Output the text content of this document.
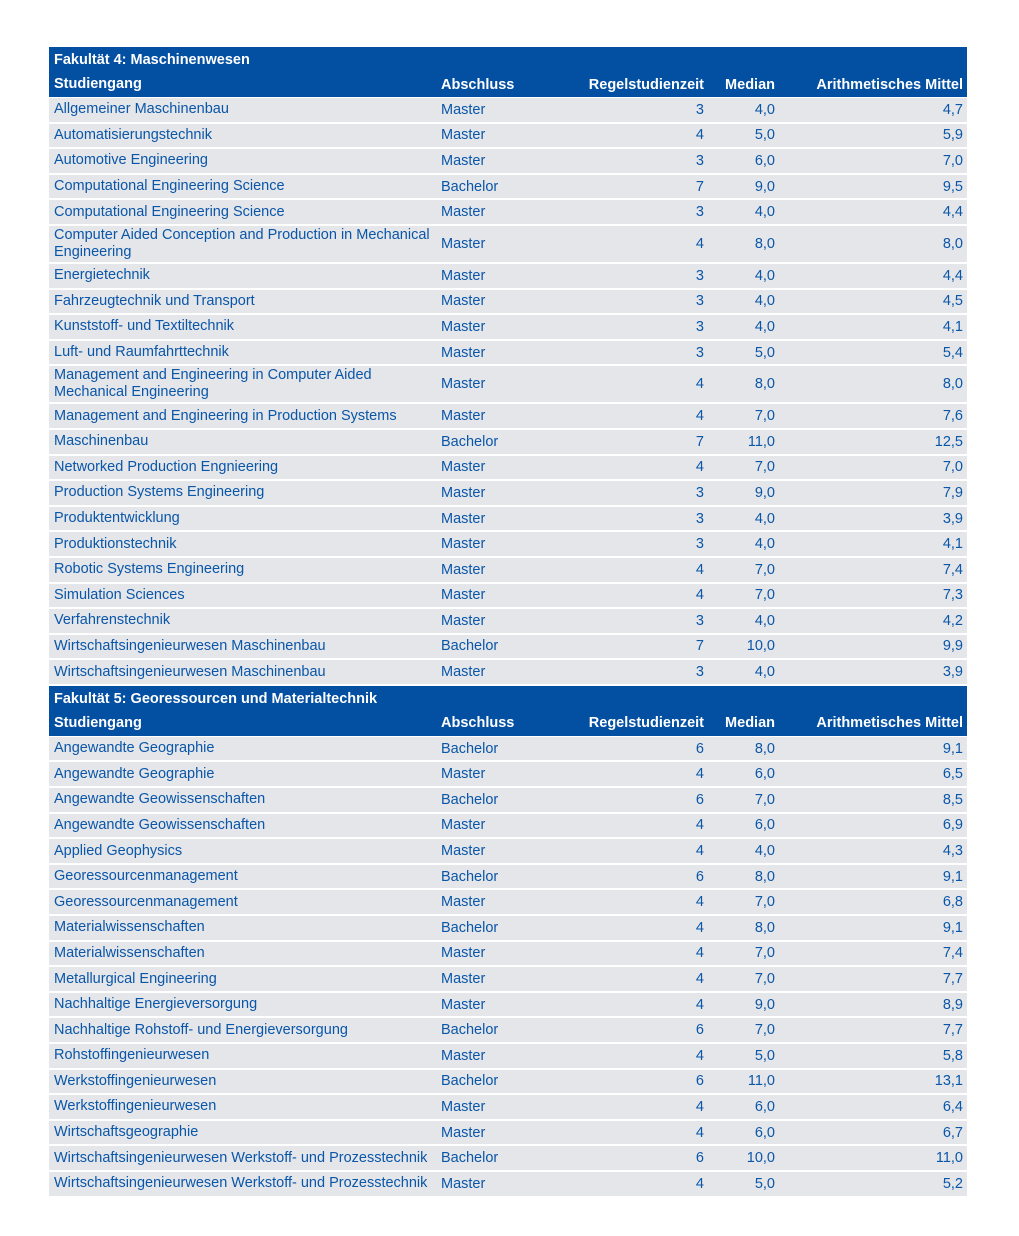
Fakultät 4: Maschinenwesen
Studiengang	Abschluss	Regelstudienzeit	Median	Arithmetisches Mittel
Allgemeiner Maschinenbau	Master	3	4,0	4,7
Automatisierungstechnik	Master	4	5,0	5,9
Automotive Engineering	Master	3	6,0	7,0
Computational Engineering Science	Bachelor	7	9,0	9,5
Computational Engineering Science	Master	3	4,0	4,4
Computer Aided Conception and Production in Mechanical Engineering	Master	4	8,0	8,0
Energietechnik	Master	3	4,0	4,4
Fahrzeugtechnik und Transport	Master	3	4,0	4,5
Kunststoff- und Textiltechnik	Master	3	4,0	4,1
Luft- und Raumfahrttechnik	Master	3	5,0	5,4
Management and Engineering in Computer Aided Mechanical Engineering	Master	4	8,0	8,0
Management and Engineering in Production Systems	Master	4	7,0	7,6
Maschinenbau	Bachelor	7	11,0	12,5
Networked Production Engnieering	Master	4	7,0	7,0
Production Systems Engineering	Master	3	9,0	7,9
Produktentwicklung	Master	3	4,0	3,9
Produktionstechnik	Master	3	4,0	4,1
Robotic Systems Engineering	Master	4	7,0	7,4
Simulation Sciences	Master	4	7,0	7,3
Verfahrenstechnik	Master	3	4,0	4,2
Wirtschaftsingenieurwesen Maschinenbau	Bachelor	7	10,0	9,9
Wirtschaftsingenieurwesen Maschinenbau	Master	3	4,0	3,9
Fakultät 5: Georessourcen und Materialtechnik
Studiengang	Abschluss	Regelstudienzeit	Median	Arithmetisches Mittel
Angewandte Geographie	Bachelor	6	8,0	9,1
Angewandte Geographie	Master	4	6,0	6,5
Angewandte Geowissenschaften	Bachelor	6	7,0	8,5
Angewandte Geowissenschaften	Master	4	6,0	6,9
Applied Geophysics	Master	4	4,0	4,3
Georessourcenmanagement	Bachelor	6	8,0	9,1
Georessourcenmanagement	Master	4	7,0	6,8
Materialwissenschaften	Bachelor	4	8,0	9,1
Materialwissenschaften	Master	4	7,0	7,4
Metallurgical Engineering	Master	4	7,0	7,7
Nachhaltige Energieversorgung	Master	4	9,0	8,9
Nachhaltige Rohstoff- und Energieversorgung	Bachelor	6	7,0	7,7
Rohstoffingenieurwesen	Master	4	5,0	5,8
Werkstoffingenieurwesen	Bachelor	6	11,0	13,1
Werkstoffingenieurwesen	Master	4	6,0	6,4
Wirtschaftsgeographie	Master	4	6,0	6,7
Wirtschaftsingenieurwesen Werkstoff- und Prozesstechnik Bachelor	6	10,0	11,0
Wirtschaftsingenieurwesen Werkstoff- und Prozesstechnik Master	4	5,0	5,2
